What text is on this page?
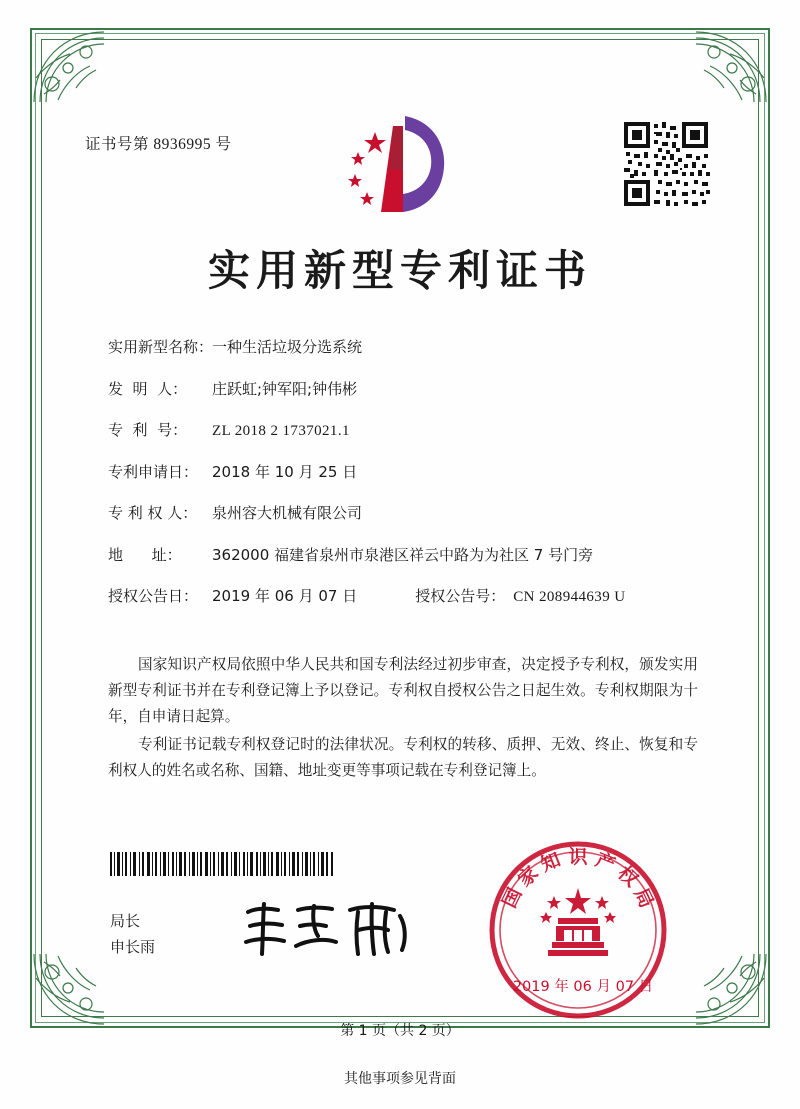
证书号第 8936995 号
实用新型专利证书
实用新型名称：
一种生活垃圾分选系统
发  明  人：	庄跃虹;钟军阳;钟伟彬
专  利  号：	ZL 2018 2 1737021.1
专利申请日： 2018 年 10 月 25 日
专 利 权 人： 泉州容大机械有限公司
地      址：	362000 福建省泉州市泉港区祥云中路为为社区 7 号门旁
授权公告日： 2019 年 06 月 07 日	授权公告号： CN 208944639 U

国家知识产权局依照中华人民共和国专利法经过初步审查，决定授予专利权，颁发实用新型专利证书并在专利登记簿上予以登记。专利权自授权公告之日起生效。专利权期限为十年，自申请日起算。

专利证书记载专利权登记时的法律状况。专利权的转移、质押、无效、终止、恢复和专利权人的姓名或名称、国籍、地址变更等事项记载在专利登记簿上。

局长
申长雨
国
家
知 识 产
权
局
2019 年 06 月 07 日
第 1 页（共 2 页）
其他事项参见背面
